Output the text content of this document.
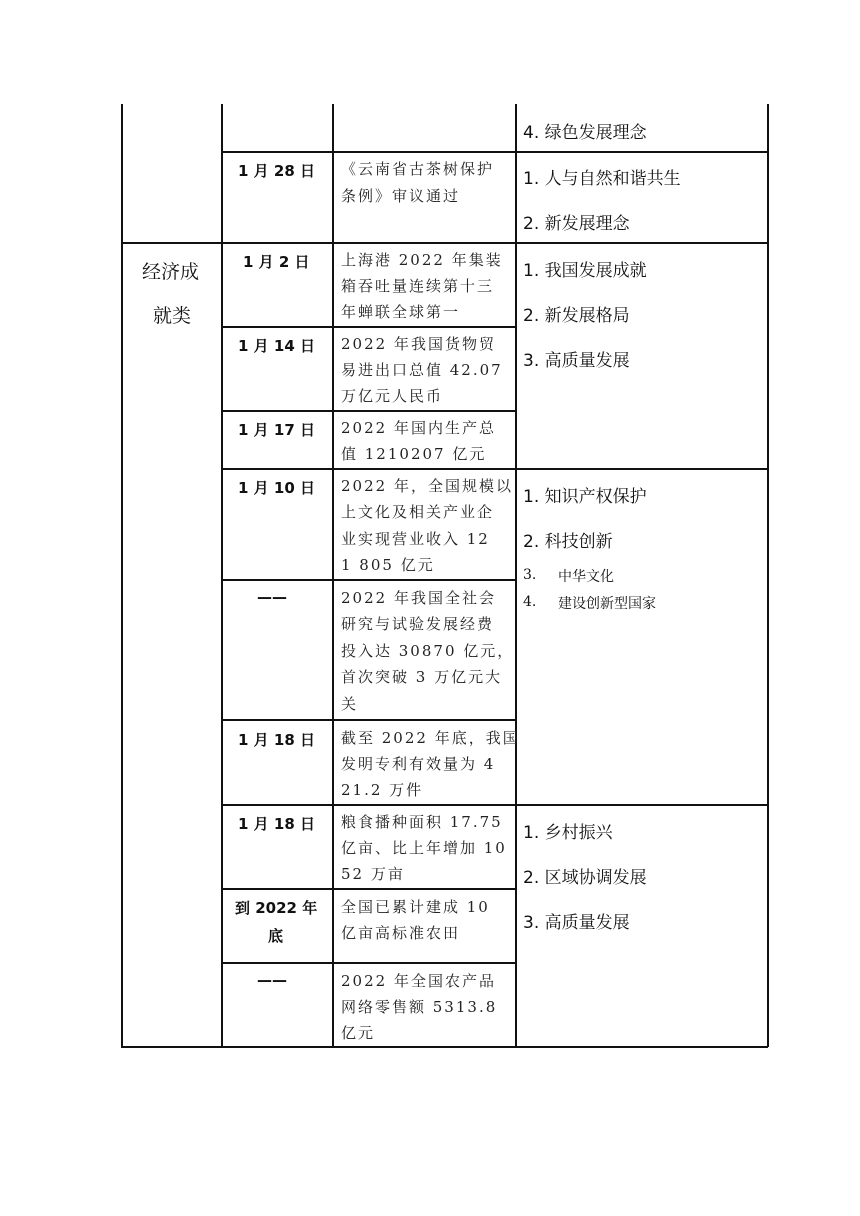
经济成
就类
1 月 28 日 《云南省古茶树保护
条例》审议通过
1 月 2 日 上海港 2022 年集装
箱吞吐量连续第十三
年蝉联全球第一
1 月 14 日 2022 年我国货物贸
易进出口总值 42.07
万亿元人民币
1 月 17 日 2022 年国内生产总
值 1210207 亿元
1 月 10 日 2022 年，全国规模以
上文化及相关产业企
业实现营业收入 12
1 805 亿元
——	2022 年我国全社会
研究与试验发展经费
投入达 30870 亿元，
首次突破 3 万亿元大
关
1 月 18 日 截至 2022 年底，我国
发明专利有效量为 4
21.2 万件
1 月 18 日 粮食播种面积 17.75
亿亩、比上年增加 10
52 万亩
到 2022 年
底
全国已累计建成 10
亿亩高标准农田
——	2022 年全国农产品
网络零售额 5313.8
亿元
4. 绿色发展理念
1. 人与自然和谐共生
2. 新发展理念
1. 我国发展成就
2. 新发展格局
3. 高质量发展
1. 知识产权保护
2. 科技创新
3. 中华文化
4. 建设创新型国家
1. 乡村振兴
2. 区域协调发展
3. 高质量发展
